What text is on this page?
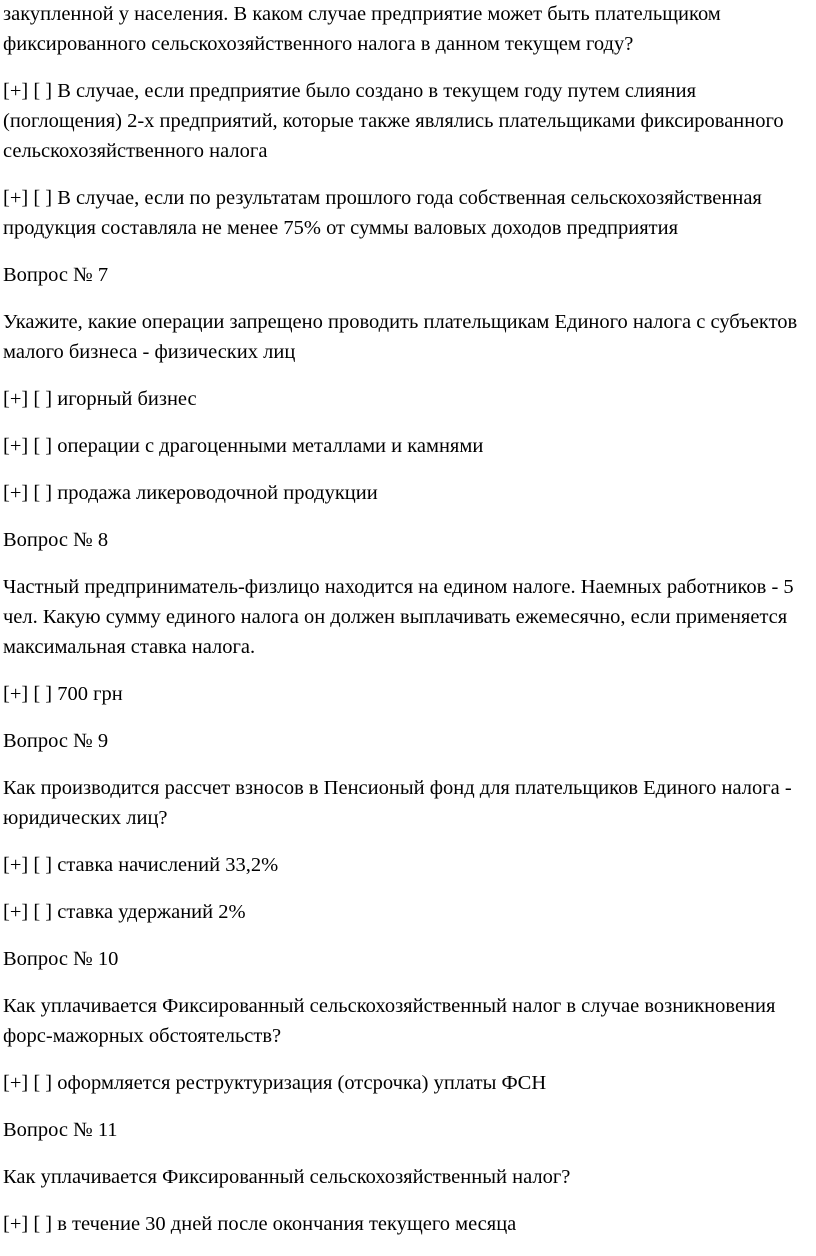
закупленной у населения. В каком случае предприятие может быть плательщиком фиксированного сельскохозяйственного налога в данном текущем году?

[+] [ ] В случае, если предприятие было создано в текущем году путем слияния (поглощения) 2-х предприятий, которые также являлись плательщиками фиксированного сельскохозяйственного налога

[+] [ ] В случае, если по результатам прошлого года собственная сельскохозяйственная продукция составляла не менее 75% от суммы валовых доходов предприятия

Вопрос № 7

Укажите, какие операции запрещено проводить плательщикам Единого налога с субъектов малого бизнеса - физических лиц

[+] [ ] игорный бизнес

[+] [ ] операции с драгоценными металлами и камнями

[+] [ ] продажа ликероводочной продукции

Вопрос № 8

Частный предприниматель-физлицо находится на едином налоге. Наемных работников - 5 чел. Какую сумму единого налога он должен выплачивать ежемесячно, если применяется максимальная ставка налога.

[+] [ ] 700 грн

Вопрос № 9

Как производится рассчет взносов в Пенсионый фонд для плательщиков Единого налога - юридических лиц?

[+] [ ] ставка начислений 33,2%

[+] [ ] ставка удержаний 2%

Вопрос № 10

Как уплачивается Фиксированный сельскохозяйственный налог в случае возникновения форс-мажорных обстоятельств?

[+] [ ] оформляется реструктуризация (отсрочка) уплаты ФСН

Вопрос № 11

Как уплачивается Фиксированный сельскохозяйственный налог?

[+] [ ] в течение 30 дней после окончания текущего месяца
